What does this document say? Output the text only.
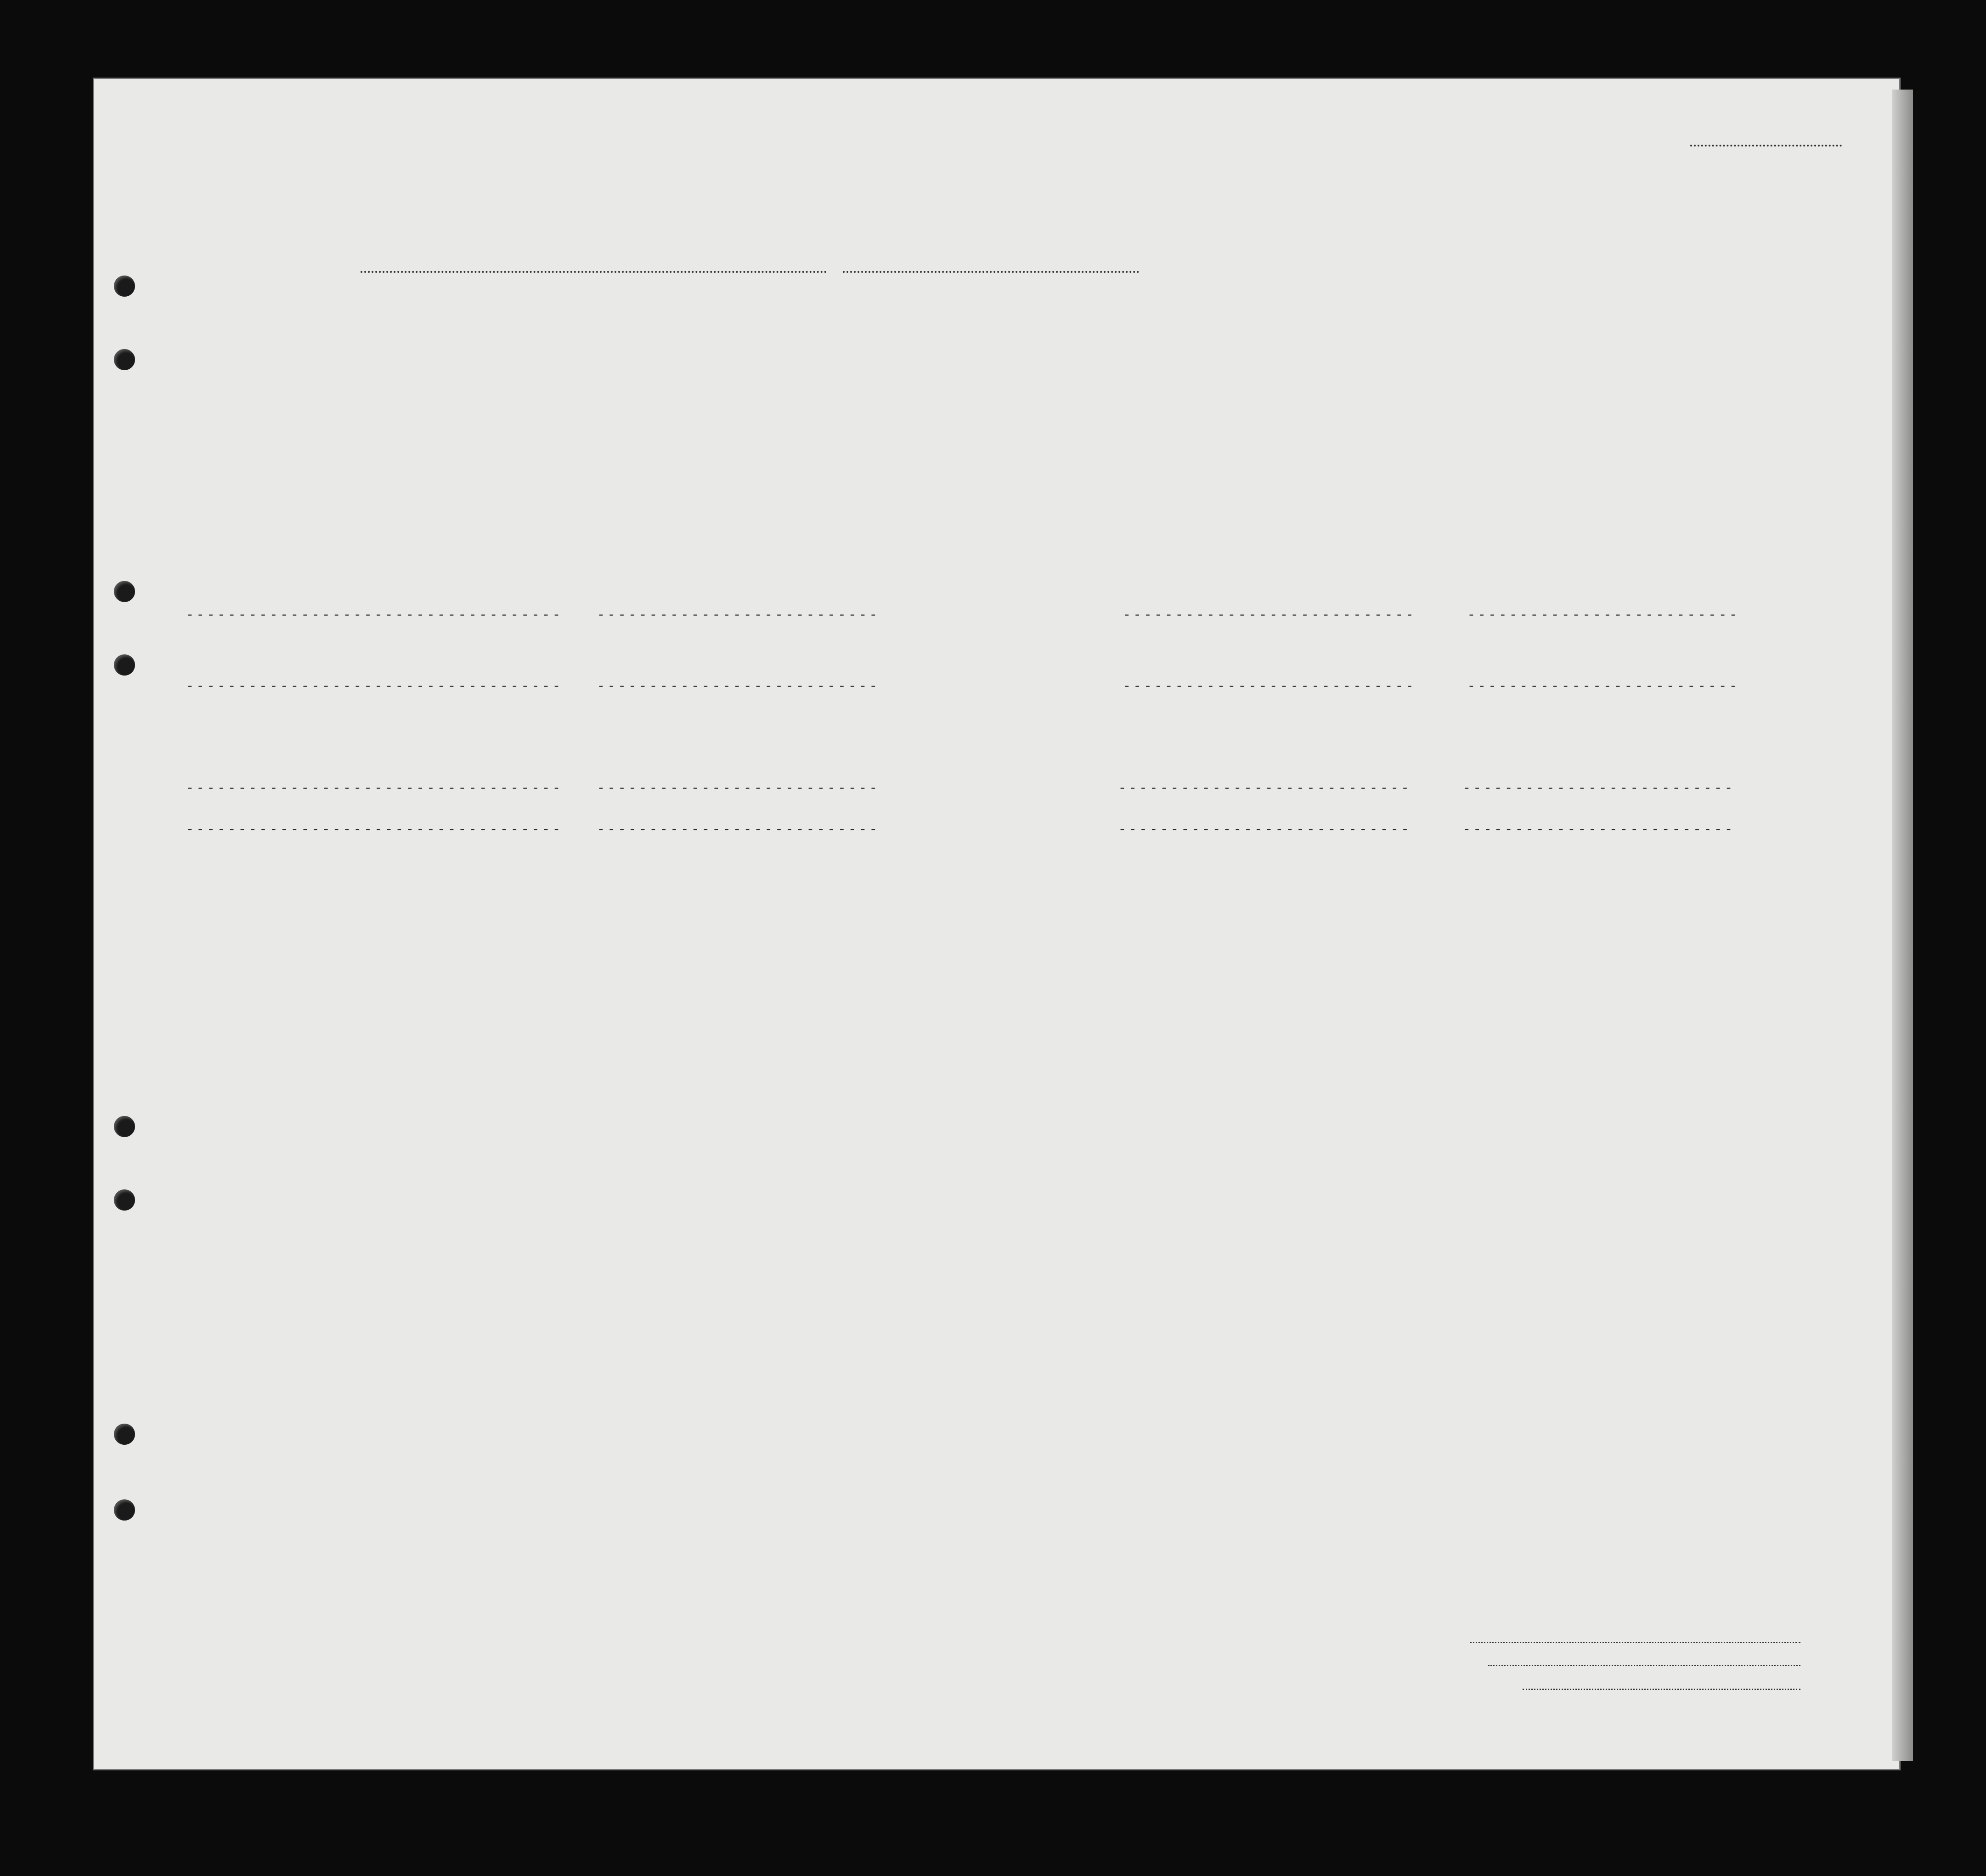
------------------------------------	---------------------------	----------------------------	--------------------------
------------------------------------	---------------------------	----------------------------	--------------------------
------------------------------------	---------------------------	----------------------------	--------------------------
------------------------------------	---------------------------	----------------------------	--------------------------
